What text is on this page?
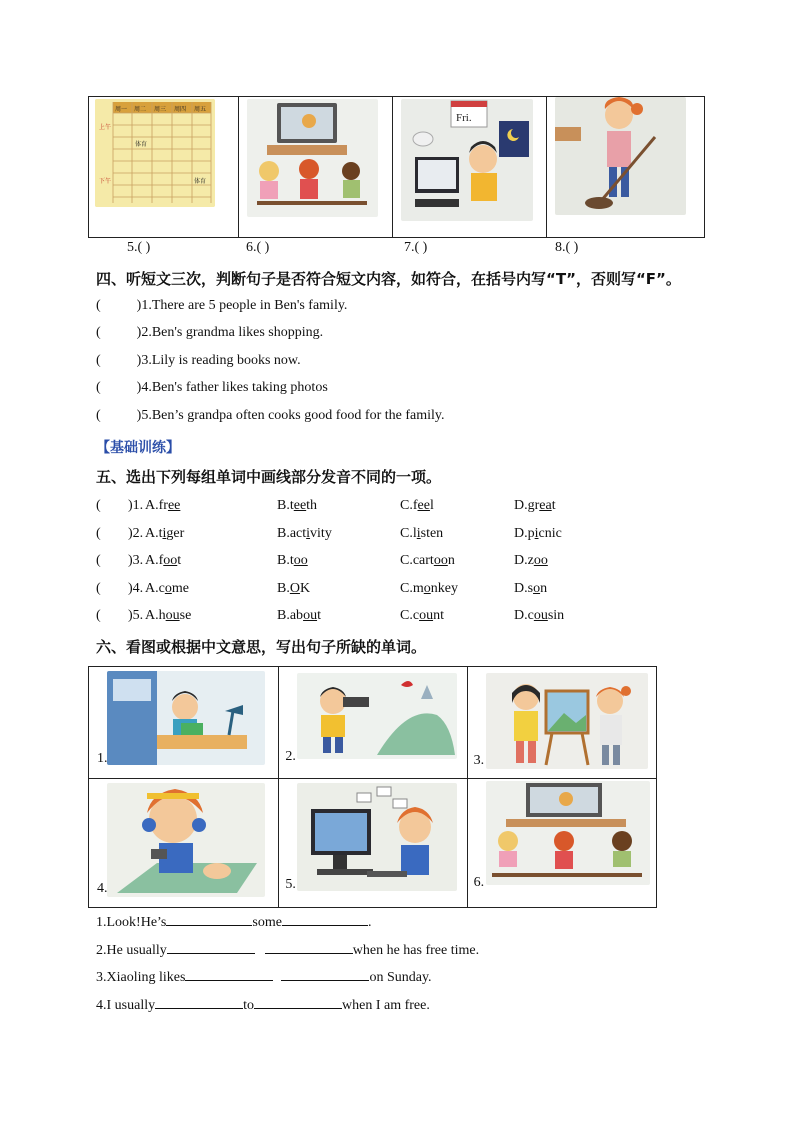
周一 周二 周三 周四 周五
上午
下午
体育
体育

Fri.

5.( )	6.( )	7.( )	8.( )
四、听短文三次，判断句子是否符合短文内容，如符合，在括号内写“T”，否则写“F”。
(	)1.There are 5 people in Ben's family.
(	)2.Ben's grandma likes shopping.
(	)3.Lily is reading books now.
(	)4.Ben's father likes taking photos
(	)5.Ben’s grandpa often cooks good food for the family.
【基础训练】
五、选出下列每组单词中画线部分发音不同的一项。
( )1. A.free	B.teeth	C.feel	D.great
( )2. A.tiger	B.activity	C.listen	D.picnic
( )3. A.foot	B.too	C.cartoon	D.zoo
( )4. A.come	B.OK	C.monkey	D.son
( )5. A.house	B.about	C.count	D.cousin
六、看图或根据中文意思，写出句子所缺的单词。
1.	2.	3.

4.	5.	6.
1.Look!He’s	some	.
2.He usually	when he has free time.
3.Xiaoling likes	on Sunday.
4.I usually	to	when I am free.
